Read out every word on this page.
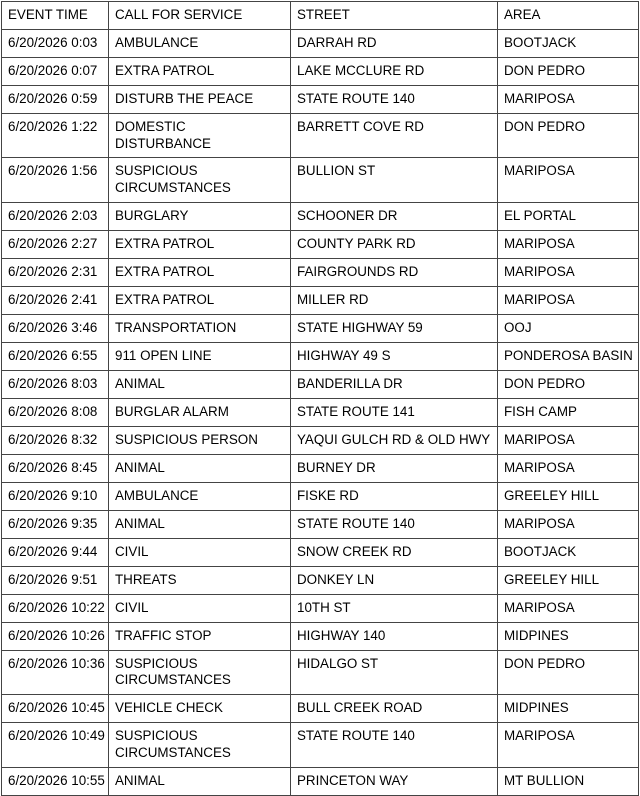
EVENT TIME	CALL FOR SERVICE	STREET	AREA
6/20/2026 0:03	AMBULANCE	DARRAH RD	BOOTJACK
6/20/2026 0:07	EXTRA PATROL	LAKE MCCLURE RD	DON PEDRO
6/20/2026 0:59	DISTURB THE PEACE	STATE ROUTE 140	MARIPOSA
6/20/2026 1:22	DOMESTIC DISTURBANCE	BARRETT COVE RD	DON PEDRO
6/20/2026 1:56	SUSPICIOUS CIRCUMSTANCES	BULLION ST	MARIPOSA
6/20/2026 2:03	BURGLARY	SCHOONER DR	EL PORTAL
6/20/2026 2:27	EXTRA PATROL	COUNTY PARK RD	MARIPOSA
6/20/2026 2:31	EXTRA PATROL	FAIRGROUNDS RD	MARIPOSA
6/20/2026 2:41	EXTRA PATROL	MILLER RD	MARIPOSA
6/20/2026 3:46	TRANSPORTATION	STATE HIGHWAY 59	OOJ
6/20/2026 6:55	911 OPEN LINE	HIGHWAY 49 S	PONDEROSA BASIN
6/20/2026 8:03	ANIMAL	BANDERILLA DR	DON PEDRO
6/20/2026 8:08	BURGLAR ALARM	STATE ROUTE 141	FISH CAMP
6/20/2026 8:32	SUSPICIOUS PERSON	YAQUI GULCH RD & OLD HWY	MARIPOSA
6/20/2026 8:45	ANIMAL	BURNEY DR	MARIPOSA
6/20/2026 9:10	AMBULANCE	FISKE RD	GREELEY HILL
6/20/2026 9:35	ANIMAL	STATE ROUTE 140	MARIPOSA
6/20/2026 9:44	CIVIL	SNOW CREEK RD	BOOTJACK
6/20/2026 9:51	THREATS	DONKEY LN	GREELEY HILL
6/20/2026 10:22	CIVIL	10TH ST	MARIPOSA
6/20/2026 10:26	TRAFFIC STOP	HIGHWAY 140	MIDPINES
6/20/2026 10:36	SUSPICIOUS CIRCUMSTANCES	HIDALGO ST	DON PEDRO
6/20/2026 10:45	VEHICLE CHECK	BULL CREEK ROAD	MIDPINES
6/20/2026 10:49	SUSPICIOUS CIRCUMSTANCES	STATE ROUTE 140	MARIPOSA
6/20/2026 10:55	ANIMAL	PRINCETON WAY	MT BULLION
